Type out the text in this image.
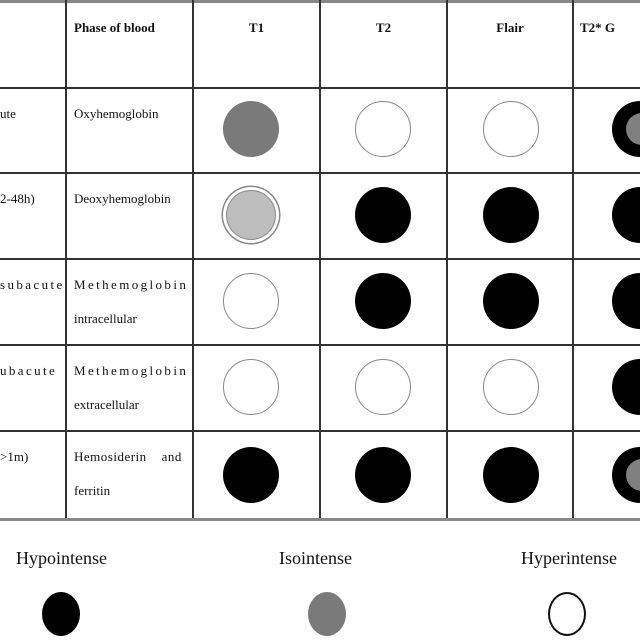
Phase of blood	T1	T2	Flair	T2* G
ute	Oxyhemoglobin
2-48h)	Deoxyhemoglobin
subacute Methemoglobin
intracellular
ubacute	Methemoglobin
extracellular
>1m)	Hemosiderin    and
ferritin
Hypointense	Isointense	Hyperintense
